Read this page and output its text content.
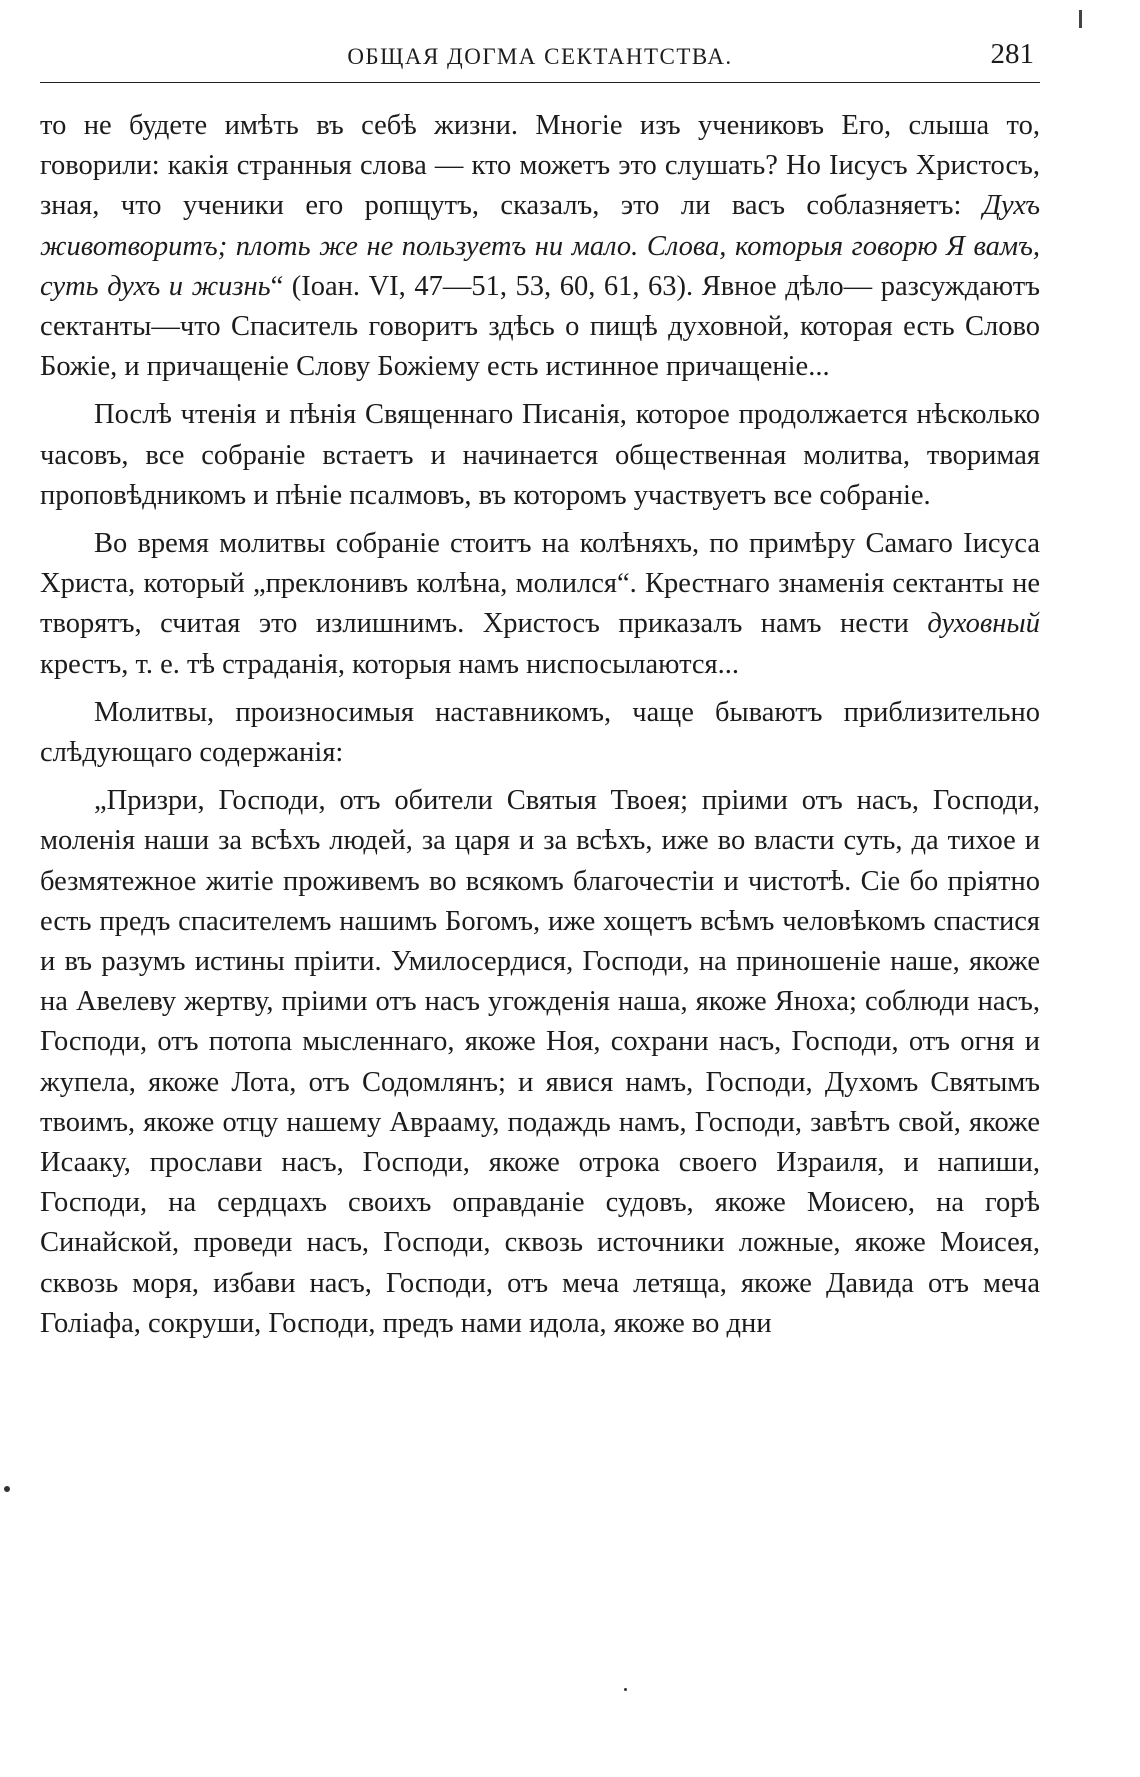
ОБЩАЯ ДОГМА СЕКТАНТСТВА.	281

то не будете имѣть въ себѣ жизни. Многіе изъ учениковъ Его, слыша то, говорили: какія странныя слова — кто можетъ это слушать? Но Іисусъ Христосъ, зная, что ученики его ропщутъ, сказалъ, это ли васъ соблазняетъ: Духъ животворитъ; плоть же не пользуетъ ни мало. Слова, которыя говорю Я вамъ, суть духъ и жизнь“ (Іоан. VI, 47—51, 53, 60, 61, 63). Явное дѣло— разсуждаютъ сектанты—что Спаситель говоритъ здѣсь о пищѣ духовной, которая есть Слово Божіе, и причащеніе Слову Божіему есть истинное причащеніе...

Послѣ чтенія и пѣнія Священнаго Писанія, которое продолжается нѣсколько часовъ, все собраніе встаетъ и начинается общественная молитва, творимая проповѣдникомъ и пѣніе псалмовъ, въ которомъ участвуетъ все собраніе.

Во время молитвы собраніе стоитъ на колѣняхъ, по примѣру Самаго Іисуса Христа, который „преклонивъ колѣна, молился“. Крестнаго знаменія сектанты не творятъ, считая это излишнимъ. Христосъ приказалъ намъ нести духовный крестъ, т. е. тѣ страданія, которыя намъ ниспосылаются...

Молитвы, произносимыя наставникомъ, чаще бываютъ приблизительно слѣдующаго содержанія:

„Призри, Господи, отъ обители Святыя Твоея; пріими отъ насъ, Господи, моленія наши за всѣхъ людей, за царя и за всѣхъ, иже во власти суть, да тихое и безмятежное житіе проживемъ во всякомъ благочестіи и чистотѣ. Сіе бо пріятно есть предъ спасителемъ нашимъ Богомъ, иже хощетъ всѣмъ человѣкомъ спастися и въ разумъ истины пріити. Умилосердися, Господи, на приношеніе наше, якоже на Авелеву жертву, пріими отъ насъ угожденія наша, якоже Яноха; соблюди насъ, Господи, отъ потопа мысленнаго, якоже Ноя, сохрани насъ, Господи, отъ огня и жупела, якоже Лота, отъ Содомлянъ; и явися намъ, Господи, Духомъ Святымъ твоимъ, якоже отцу нашему Аврааму, подаждь намъ, Господи, завѣтъ свой, якоже Исааку, прослави насъ, Господи, якоже отрока своего Израиля, и напиши, Господи, на сердцахъ своихъ оправданіе судовъ, якоже Моисею, на горѣ Синайской, проведи насъ, Господи, сквозь источники ложные, якоже Моисея, сквозь моря, избави насъ, Господи, отъ меча летяща, якоже Давида отъ меча Голіафа, сокруши, Господи, предъ нами идола, якоже во дни
